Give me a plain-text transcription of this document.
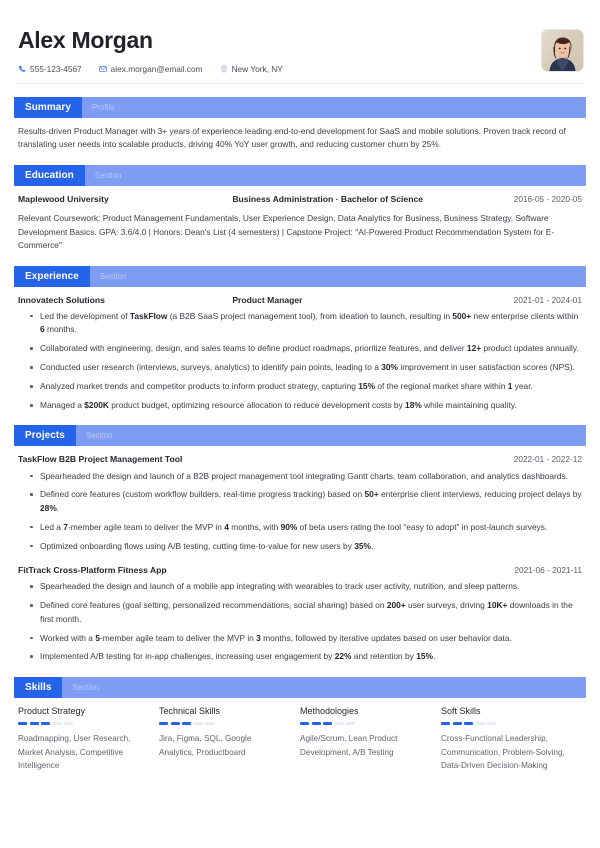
Alex Morgan
555-123-4567	alex.morgan@email.com	New York, NY
Summary	Profile

Results-driven Product Manager with 3+ years of experience leading end-to-end development for SaaS and mobile solutions. Proven track record of translating user needs into scalable products, driving 40% YoY user growth, and reducing customer churn by 25%.

Education	Section
Maplewood University	Business Administration · Bachelor of Science	2016-05 - 2020-05

Relevant Coursework: Product Management Fundamentals, User Experience Design, Data Analytics for Business, Business Strategy, Software Development Basics. GPA: 3.6/4.0 | Honors: Dean's List (4 semesters) | Capstone Project: "AI-Powered Product Recommendation System for E-Commerce"

Experience	Section
Innovatech Solutions	Product Manager	2021-01 - 2024-01
Led the development of TaskFlow (a B2B SaaS project management tool), from ideation to launch, resulting in 500+ new enterprise clients within 6 months.
Collaborated with engineering, design, and sales teams to define product roadmaps, prioritize features, and deliver 12+ product updates annually.
Conducted user research (interviews, surveys, analytics) to identify pain points, leading to a 30% improvement in user satisfaction scores (NPS).
Analyzed market trends and competitor products to inform product strategy, capturing 15% of the regional market share within 1 year.
Managed a $200K product budget, optimizing resource allocation to reduce development costs by 18% while maintaining quality.
Projects	Section
TaskFlow B2B Project Management Tool	2022-01 - 2022-12
Spearheaded the design and launch of a B2B project management tool integrating Gantt charts, team collaboration, and analytics dashboards.
Defined core features (custom workflow builders, real-time progress tracking) based on 50+ enterprise client interviews, reducing project delays by 28%.
Led a 7-member agile team to deliver the MVP in 4 months, with 90% of beta users rating the tool “easy to adopt” in post-launch surveys.
Optimized onboarding flows using A/B testing, cutting time-to-value for new users by 35%.
FitTrack Cross-Platform Fitness App	2021-06 - 2021-11
Spearheaded the design and launch of a mobile app integrating with wearables to track user activity, nutrition, and sleep patterns.
Defined core features (goal setting, personalized recommendations, social sharing) based on 200+ user surveys, driving 10K+ downloads in the first month.
Worked with a 5-member agile team to deliver the MVP in 3 months, followed by iterative updates based on user behavior data.
Implemented A/B testing for in-app challenges, increasing user engagement by 22% and retention by 15%.
Skills	Section
Product Strategy
Roadmapping, User Research, Market Analysis, Competitive Intelligence
Technical Skills
Jira, Figma, SQL, Google Analytics, Productboard
Methodologies
Agile/Scrum, Lean Product Development, A/B Testing
Soft Skills
Cross-Functional Leadership, Communication, Problem-Solving, Data-Driven Decision-Making
